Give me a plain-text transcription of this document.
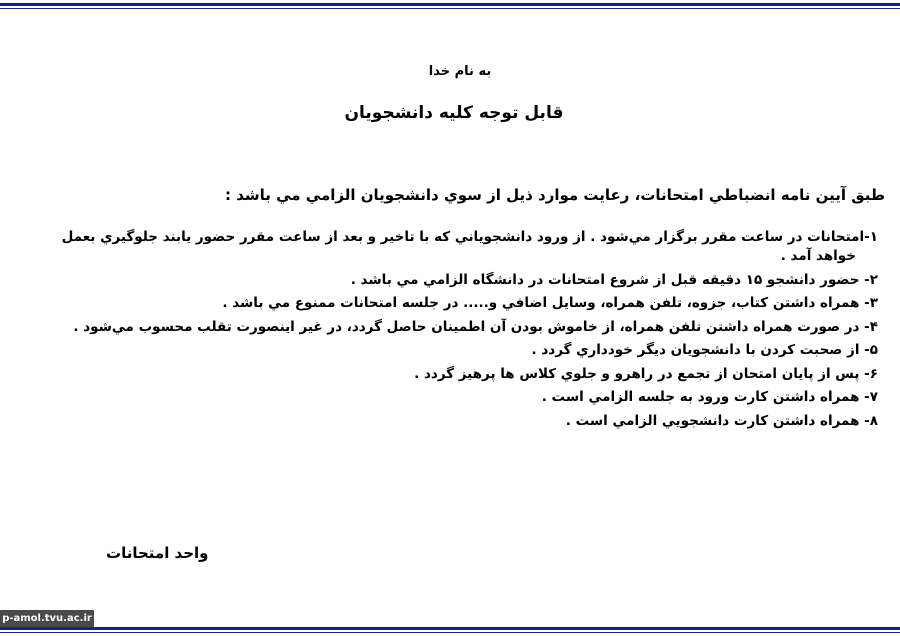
به نام خدا
قابل توجه كليه دانشجويان
طبق آيين نامه انضباطي امتحانات، رعايت موارد ذيل از سوي دانشجويان الزامي مي باشد :
۱-امتحانات در ساعت مقرر برگزار مي‌شود . از ورود دانشجوياني كه با تاخير و بعد از ساعت مقرر حضور يابند جلوگيري بعمل
خواهد آمد .
۲- حضور دانشجو ۱۵ دقيقه قبل از شروع امتحانات در دانشگاه الزامي مي باشد .
۳- همراه داشتن كتاب، جزوه، تلفن همراه، وسايل اضافي و..... در جلسه امتحانات ممنوع مي باشد .
۴- در صورت همراه داشتن تلفن همراه، از خاموش بودن آن اطمينان حاصل گردد، در غير اينصورت تقلب محسوب مي‌شود .
۵- از صحبت كردن با دانشجويان ديگر خودداري گردد .
۶- پس از پايان امتحان از تجمع در راهرو و جلوي كلاس ها پرهيز گردد .
۷- همراه داشتن كارت ورود به جلسه الزامي است .
۸- همراه داشتن كارت دانشجويي الزامي است .
واحد امتحانات
p-amol.tvu.ac.ir
